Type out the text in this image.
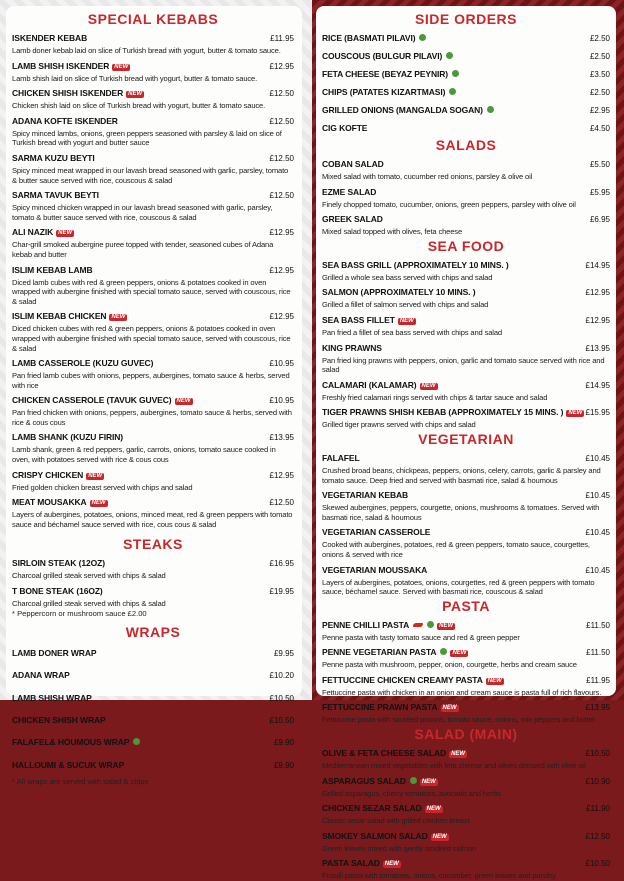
SPECIAL KEBABS
ISKENDER KEBAB	£11.95
Lamb doner kebab laid on slice of Turkish bread with yogurt, butter & tomato sauce.
LAMB SHISH ISKENDER NEW	£12.95
Lamb shish laid on slice of Turkish bread with yogurt, butter & tomato sauce.
CHICKEN SHISH ISKENDER NEW	£12.50
Chicken shish laid on slice of Turkish bread with yogurt, butter & tomato sauce.
ADANA KOFTE ISKENDER	£12.50
Spicy minced lambs, onions, green peppers seasoned with parsley & laid on slice of Turkish bread with yogurt and butter sauce
SARMA KUZU BEYTI	£12.50
Spicy minced meat wrapped in our lavash bread seasoned with garlic, parsley, tomato & butter sauce served with rice, couscous & salad
SARMA TAVUK BEYTI	£12.50
Spicy minced chicken wrapped in our lavash bread seasoned with garlic, parsley, tomato & butter sauce served with rice, couscous & salad
ALI NAZIK NEW	£12.95
Char-grill smoked aubergine puree topped with tender, seasoned cubes of Adana kebab and butter
ISLIM KEBAB LAMB	£12.95
Diced lamb cubes with red & green peppers, onions & potatoes cooked in oven wrapped with aubergine finished with special tomato sauce, served with couscous, rice & salad
ISLIM KEBAB CHICKEN NEW	£12.95
Diced chicken cubes with red & green peppers, onions & potatoes cooked in oven wrapped with aubergine finished with special tomato sauce, served with couscous, rice & salad
LAMB CASSEROLE (KUZU GUVEC)	£10.95
Pan fried lamb cubes with onions, peppers, aubergines, tomato sauce & herbs, served with rice
CHICKEN CASSEROLE (TAVUK GUVEC) NEW	£10.95
Pan fried chicken with onions, peppers, aubergines, tomato sauce & herbs, served with rice & cous cous
LAMB SHANK (KUZU FIRIN)	£13.95
Lamb shank, green & red peppers, garlic, carrots, onions, tomato sauce cooked in oven, with potatoes served with rice & cous cous
CRISPY CHICKEN NEW	£12.95
Fried golden chicken breast served with chips and salad
MEAT MOUSAKKA NEW	£12.50
Layers of aubergines, potatoes, onions, minced meat, red & green peppers with tomato sauce and béchamel sauce served with rice, cous cous & salad
STEAKS
SIRLOIN STEAK (12OZ)	£16.95
Charcoal grilled steak served with chips & salad
T BONE STEAK (16OZ)	£19.95
Charcoal grilled steak served with chips & salad
* Peppercorn or mushroom sauce £2.00
WRAPS
LAMB DONER WRAP	£9.95
ADANA WRAP	£10.20
LAMB SHISH WRAP	£10.50
CHICKEN SHISH WRAP	£10.50
FALAFEL& HOUMOUS WRAP	£9.90
HALLOUMI & SUCUK WRAP	£9.90
* All wraps are served with salad & chips
SIDE ORDERS
RICE (BASMATI PILAVI)	£2.50
COUSCOUS (BULGUR PILAVI)	£2.50
FETA CHEESE (BEYAZ PEYNIR)	£3.50
CHIPS (PATATES KIZARTMASI)	£2.50
GRILLED ONIONS (MANGALDA SOGAN)	£2.95
CIG KOFTE	£4.50
SALADS
COBAN SALAD	£5.50
Mixed salad with tomato, cucumber red onions, parsley & olive oil
EZME SALAD	£5.95
Finely chopped tomato, cucumber, onions, green peppers, parsley with olive oil
GREEK SALAD	£6.95
Mixed salad topped with olives, feta cheese
SEA FOOD
SEA BASS GRILL (APPROXIMATELY 10 MINS. )	£14.95
Grilled a whole sea bass served with chips and salad
SALMON (APPROXIMATELY 10 MINS. )	£12.95
Grilled a fillet of salmon served with chips and salad
SEA BASS FILLET NEW	£12.95
Pan fried a fillet of sea bass served with chips and salad
KING PRAWNS	£13.95
Pan fried king prawns with peppers, onion, garlic and tomato sauce served with rice and salad
CALAMARI (KALAMAR) NEW	£14.95
Freshly fried calamari rings served with chips & tartar sauce and salad
TIGER PRAWNS SHISH KEBAB (APPROXIMATELY 15 MINS. ) NEW £15.95
Grilled tiger prawns served with chips and salad
VEGETARIAN
FALAFEL	£10.45
Crushed broad beans, chickpeas, peppers, onions, celery, carrots, garlic & parsley and tomato sauce. Deep fried and served with basmati rice, salad & houmous
VEGETARIAN KEBAB	£10.45
Skewed aubergines, peppers, courgette, onions, mushrooms & tomatoes. Served with basmati rice, salad & houmous
VEGETARIAN CASSEROLE	£10.45
Cooked with aubergines, potatoes, red & green peppers, tomato sauce, courgettes, onions & served with rice
VEGETARIAN MOUSSAKA	£10.45
Layers of aubergines, potatoes, onions, courgettes, red & green peppers with tomato sauce, béchamel sauce. Served with basmati rice, couscous & salad
PASTA
PENNE CHILLI PASTA	NEW	£11.50
Penne pasta with tasty tomato sauce and red & green pepper
PENNE VEGETARIAN PASTA	NEW	£11.50
Penne pasta with mushroom, pepper, onion, courgette, herbs and cream sauce
FETTUCCINE CHICKEN CREAMY PASTA NEW	£11.95
Fettuccine pasta with chicken in an onion and cream sauce is pasta full of rich flavours.
FETTUCCINE PRAWN PASTA NEW	£13.95
Fettuccine pasta with sautéed prawns, tomato sauce, onions, mix peppers and butter
SALAD (MAIN)
OLIVE & FETA CHEESE SALAD NEW	£10.50
Mediterranean mixed vegetables with feta cheese and olives dressed with olive oil
ASPARAGUS SALAD	NEW	£10.90
Grilled asparagus, cherry tomatoes, avocado and herbs
CHICKEN SEZAR SALAD NEW	£11.90
Classic sezar salad with grilled chicken breast
SMOKEY SALMON SALAD NEW	£12.50
Green leaves mixed with gently smoked salmon
PASTA SALAD NEW	£10.50
Fusulli pasta with tomatoes, onions, cucumber, green leaves and parsley
